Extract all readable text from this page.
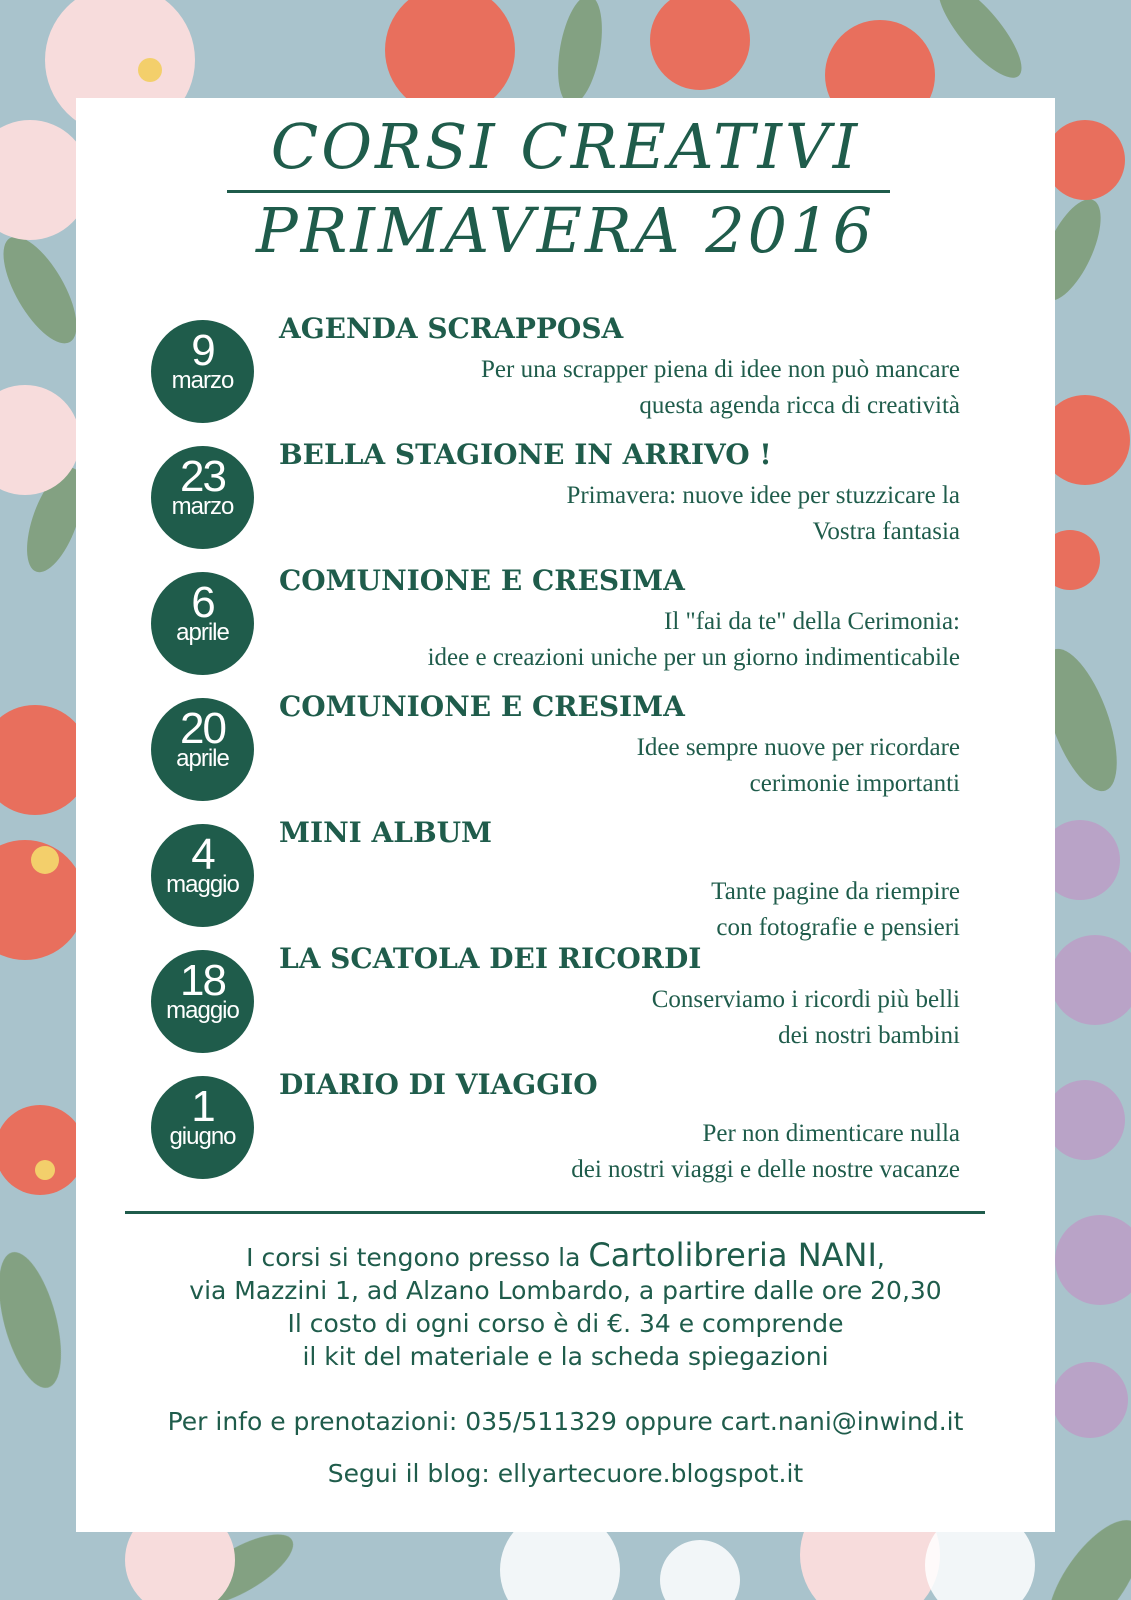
CORSI CREATIVI
PRIMAVERA 2016
9
marzo
AGENDA SCRAPPOSA
Per una scrapper piena di idee non può mancare
questa agenda ricca di creatività
23
marzo
BELLA STAGIONE IN ARRIVO !
Primavera: nuove idee per stuzzicare la
Vostra fantasia
6
aprile
COMUNIONE E CRESIMA
Il "fai da te" della Cerimonia:
idee e creazioni uniche per un giorno indimenticabile
20
aprile
COMUNIONE E CRESIMA
Idee sempre nuove per ricordare
cerimonie importanti
4
maggio
MINI ALBUM
Tante pagine da riempire
con fotografie e pensieri
18
maggio
LA SCATOLA DEI RICORDI
Conserviamo i ricordi più belli
dei nostri bambini
1
giugno
DIARIO DI VIAGGIO
Per non dimenticare nulla
dei nostri viaggi e delle nostre vacanze
I corsi si tengono presso la Cartolibreria NANI,
via Mazzini 1, ad Alzano Lombardo, a partire dalle ore 20,30
Il costo di ogni corso è di €. 34 e comprende
il kit del materiale e la scheda spiegazioni
Per info e prenotazioni: 035/511329 oppure cart.nani@inwind.it
Segui il blog: ellyartecuore.blogspot.it
